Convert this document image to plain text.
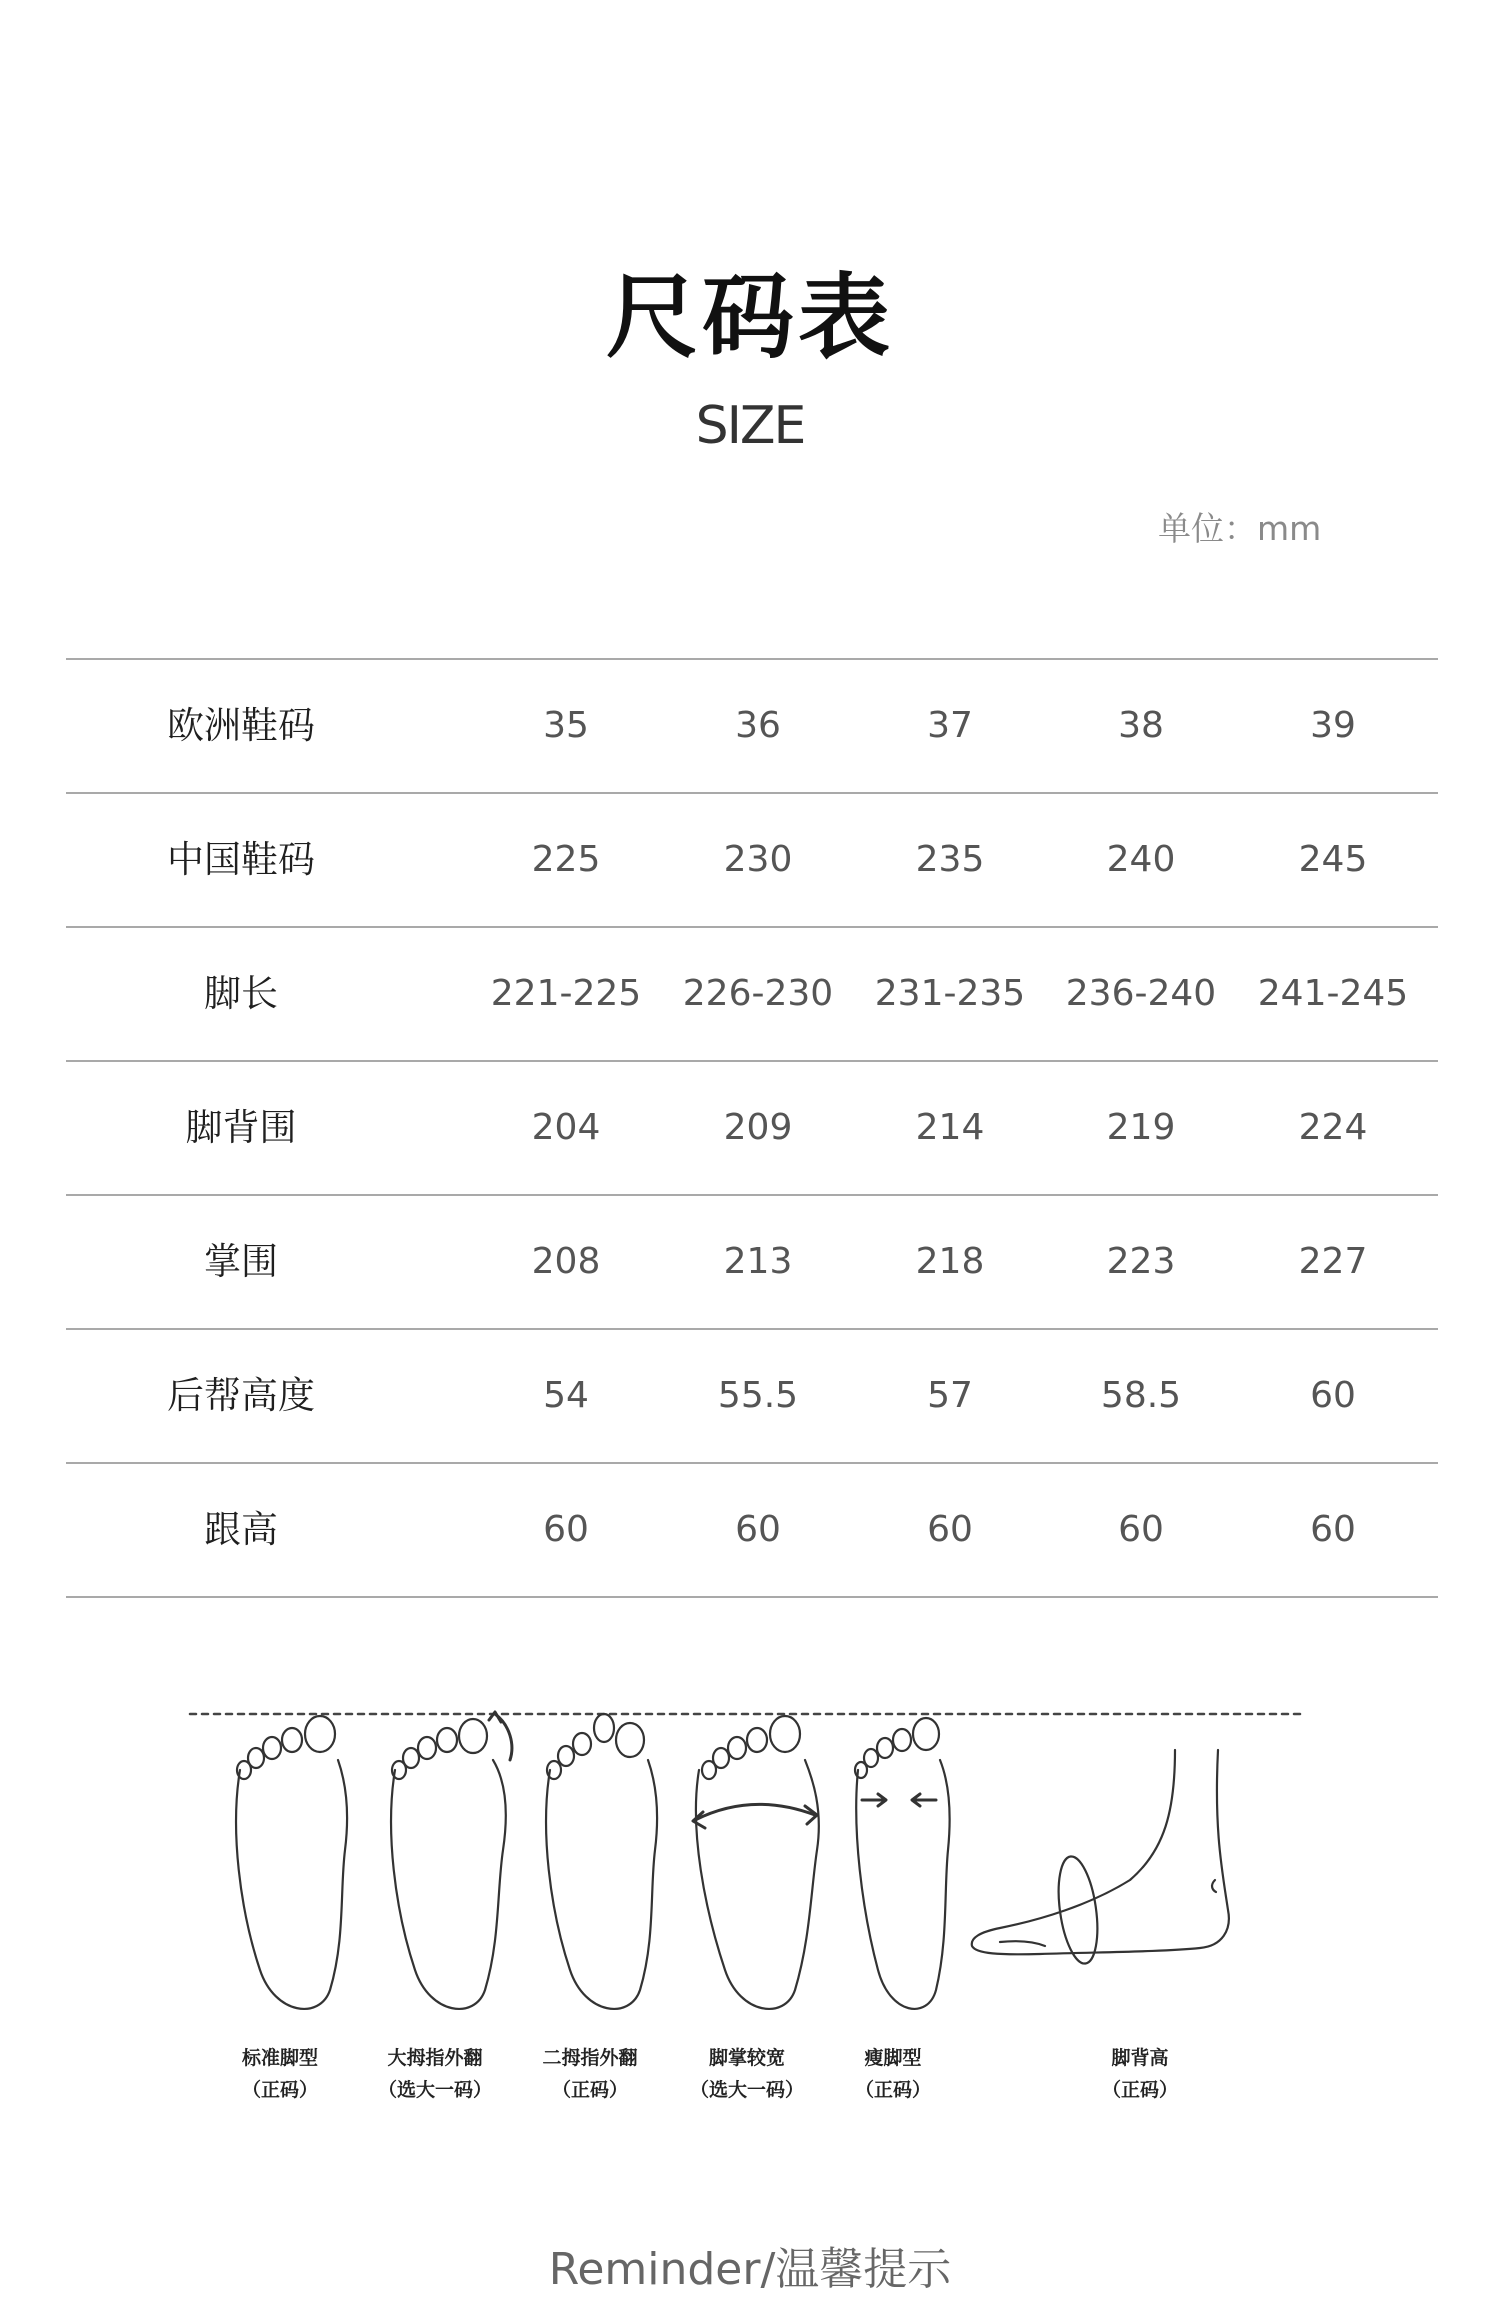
尺码表
SIZE
单位：mm
欧洲鞋码	35	36	37	38	39
中国鞋码	225	230	235	240	245
脚长	221-225	226-230	231-235	236-240	241-245
脚背围	204	209	214	219	224
掌围	208	213	218	223	227
后帮高度	54	55.5	57	58.5	60
跟高	60	60	60	60	60
标准脚型
（正码）
大拇指外翻
（选大一码）
二拇指外翻
（正码）
脚掌较宽
（选大一码）
瘦脚型
（正码）
脚背高
（正码）
Reminder/温馨提示
